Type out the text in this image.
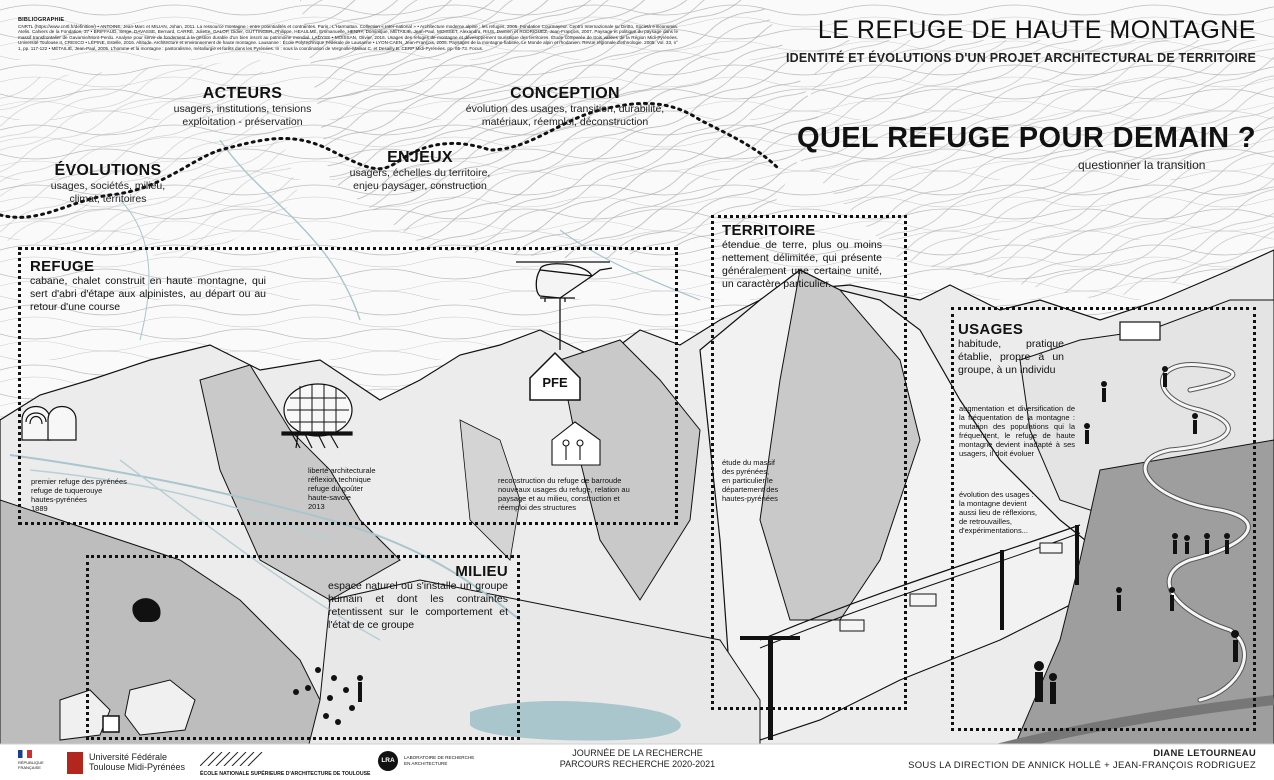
BIBLIOGRAPHIE
CNRTL (https://www.cnrtl.fr/definition/) • ANTOINE, Jean-Marc et MILIAN, Johan, 2011. La ressource montagne : entre potentialités et contraintes. Paris : L'Harmattan. Collection « Inter-national » • Architecture moderne alpine : les refuges, 2005. Fondation Courmayeur. Centro Internazionale su Diritto, Società e Economia. Atelis. Cahiers de la Fondation, 37 • BRIFFAUD, Serge, DAVASSE, Bernard, CARRÉ, Juliette, GALOP, Didier, GUTTINGER, Philippe, HEAULMÉ, Emmanuelle, HENRY, Dominique, MÉTAILIÉ, Jean-Paul, MOISSET, Alexandra, RIUS, Damien et RODRIGUEZ, Jean-François, 2007. Paysage et politique du paysage dans le massif transfrontalier de Gavarnie/Mont-Perdu. Analyse pour servir de fondement à la gestion durable d'un bien inscrit au patrimoine mondial. LADYSS • MOISSAN, Olivier, 2016. Usages des refuges de montagne et développement touristique des territoires. Étude comparée de trois vallées de la Région Midi-Pyrénées. Université Toulouse II, CRESCO • LÉPINE, Estelle, 2016. Altitude. Architecture et environnement de haute montagne. Lausanne : École Polytechnique Fédérale de Lausanne • LYON-CAEN, Jean-François, 2005. Paysages de la montagne habitée. Le Monde alpin et rhodanien. Revue régionale d'ethnologie. 2005. Vol. 33, n° 1, pp. 117-122 • MÉTAILIÉ, Jean-Paul, 2005. L'homme et la montagne : pastoralisme, métallurgie et forêts dans les Pyrénées. In : sous la coordination de Vergnolle-Mainar C. et Desailly B. CERP Midi-Pyrénées. pp. 65-73. Focus.
LE REFUGE DE HAUTE MONTAGNE
IDENTITÉ ET ÉVOLUTIONS D'UN PROJET ARCHITECTURAL DE TERRITOIRE
QUEL REFUGE POUR DEMAIN ?
questionner la transition
ÉVOLUTIONS
usages, sociétés, milieu,
climat, territoires
ACTEURS
usagers, institutions, tensions
exploitation - préservation
ENJEUX
usagers, échelles du territoire,
enjeu paysager, construction
CONCEPTION
évolution des usages, transition, durabilité,
matériaux, réemploi, déconstruction
REFUGE
cabane, chalet construit en haute montagne, qui sert d'abri d'étape aux alpinistes, au départ ou au retour d'une course
TERRITOIRE
étendue de terre, plus ou moins nettement délimitée, qui présente généralement une certaine unité, un caractère particulier.
USAGES
habitude, pratique établie, propre à un groupe, à un individu
MILIEU
espace naturel où s'installe un groupe humain et dont les contraintes retentissent sur le comportement et l'état de ce groupe
PFE
premier refuge des pyrénées
refuge de tuquerouye
hautes-pyrénées
1889
liberté architecturale
réflexion technique
refuge du goûter
haute-savoie
2013
reconstruction du refuge de barroude
nouveaux usages du refuge, relation au
paysage et au milieu, construction et
réemploi des structures
étude du massif
des pyrénées,
en particulier le
département des
hautes-pyrénées
augmentation et diversification de la fréquentation de la montagne : mutation des populations qui la fréquentent, le refuge de haute montagne devient inadapté à ses usagers, il doit évoluer
évolution des usages :
la montagne devient
aussi lieu de réflexions,
de retrouvailles,
d'expérimentations...
RÉPUBLIQUE
FRANÇAISE
Université Fédérale
Toulouse Midi-Pyrénées
ÉCOLE NATIONALE SUPÉRIEURE D'ARCHITECTURE DE TOULOUSE
LRA	LABORATOIRE DE RECHERCHE
EN ARCHITECTURE
JOURNÉE DE LA RECHERCHE
PARCOURS RECHERCHE 2020-2021
DIANE LETOURNEAU
SOUS LA DIRECTION DE ANNICK HOLLÉ + JEAN-FRANÇOIS RODRIGUEZ
